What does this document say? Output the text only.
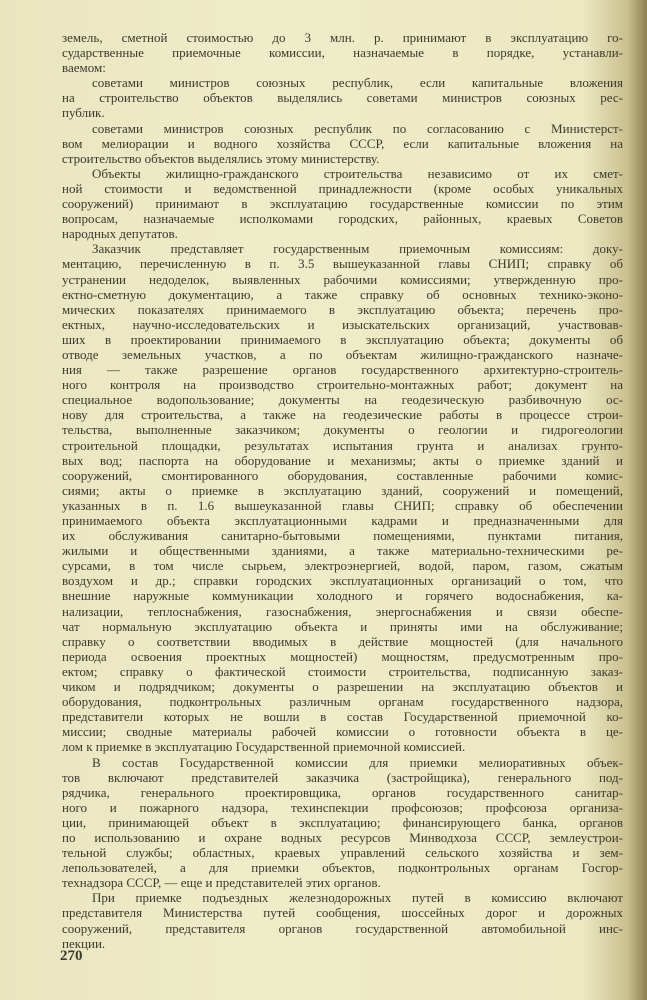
земель, сметной стоимостью до 3 млн. р. принимают в эксплуатацию го-
сударственные приемочные комиссии, назначаемые в порядке, устанавли-
ваемом:
советами министров союзных республик, если капитальные вложения
на строительство объектов выделялись советами министров союзных рес-
публик.
советами министров союзных республик по согласованию с Министерст-
вом мелиорации и водного хозяйства СССР, если капитальные вложения на
строительство объектов выделялись этому министерству.
Объекты жилищно-гражданского строительства независимо от их смет-
ной стоимости и ведомственной принадлежности (кроме особых уникальных
сооружений) принимают в эксплуатацию государственные комиссии по этим
вопросам, назначаемые исполкомами городских, районных, краевых Советов
народных депутатов.
Заказчик представляет государственным приемочным комиссиям: доку-
ментацию, перечисленную в п. 3.5 вышеуказанной главы СНИП; справку об
устранении недоделок, выявленных рабочими комиссиями; утвержденную про-
ектно-сметную документацию, а также справку об основных технико-эконо-
мических показателях принимаемого в эксплуатацию объекта; перечень про-
ектных, научно-исследовательских и изыскательских организаций, участвовав-
ших в проектировании принимаемого в эксплуатацию объекта; документы об
отводе земельных участков, а по объектам жилищно-гражданского назначе-
ния — также разрешение органов государственного архитектурно-строитель-
ного контроля на производство строительно-монтажных работ; документ на
специальное водопользование; документы на геодезическую разбивочную ос-
нову для строительства, а также на геодезические работы в процессе строи-
тельства, выполненные заказчиком; документы о геологии и гидрогеологии
строительной площадки, результатах испытания грунта и анализах грунто-
вых вод; паспорта на оборудование и механизмы; акты о приемке зданий и
сооружений, смонтированного оборудования, составленные рабочими комис-
сиями; акты о приемке в эксплуатацию зданий, сооружений и помещений,
указанных в п. 1.6 вышеуказанной главы СНИП; справку об обеспечении
принимаемого объекта эксплуатационными кадрами и предназначенными для
их обслуживания санитарно-бытовыми помещениями, пунктами питания,
жилыми и общественными зданиями, а также материально-техническими ре-
сурсами, в том числе сырьем, электроэнергией, водой, паром, газом, сжатым
воздухом и др.; справки городских эксплуатационных организаций о том, что
внешние наружные коммуникации холодного и горячего водоснабжения, ка-
нализации, теплоснабжения, газоснабжения, энергоснабжения и связи обеспе-
чат нормальную эксплуатацию объекта и приняты ими на обслуживание;
справку о соответствии вводимых в действие мощностей (для начального
периода освоения проектных мощностей) мощностям, предусмотренным про-
ектом; справку о фактической стоимости строительства, подписанную заказ-
чиком и подрядчиком; документы о разрешении на эксплуатацию объектов и
оборудования, подконтрольных различным органам государственного надзора,
представители которых не вошли в состав Государственной приемочной ко-
миссии; сводные материалы рабочей комиссии о готовности объекта в це-
лом к приемке в эксплуатацию Государственной приемочной комиссией.
В состав Государственной комиссии для приемки мелиоративных объек-
тов включают представителей заказчика (застройщика), генерального под-
рядчика, генерального проектировщика, органов государственного санитар-
ного и пожарного надзора, техинспекции профсоюзов; профсоюза организа-
ции, принимающей объект в эксплуатацию; финансирующего банка, органов
по использованию и охране водных ресурсов Минводхоза СССР, землеустрои-
тельной службы; областных, краевых управлений сельского хозяйства и зем-
лепользователей, а для приемки объектов, подконтрольных органам Госгор-
технадзора СССР, — еще и представителей этих органов.
При приемке подъездных железнодорожных путей в комиссию включают
представителя Министерства путей сообщения, шоссейных дорог и дорожных
сооружений, представителя органов государственной автомобильной инс-
пекции.
270
